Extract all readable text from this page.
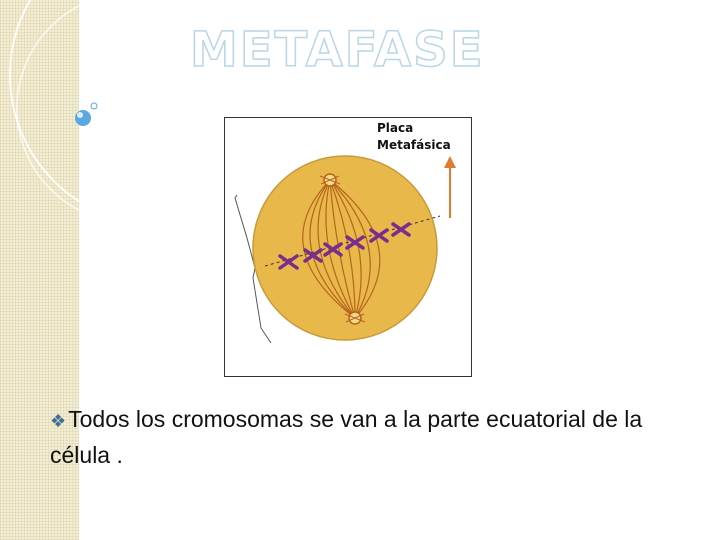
METAFASE
Placa
Metafásica
❖Todos los cromosomas se van a la parte ecuatorial de la célula .
